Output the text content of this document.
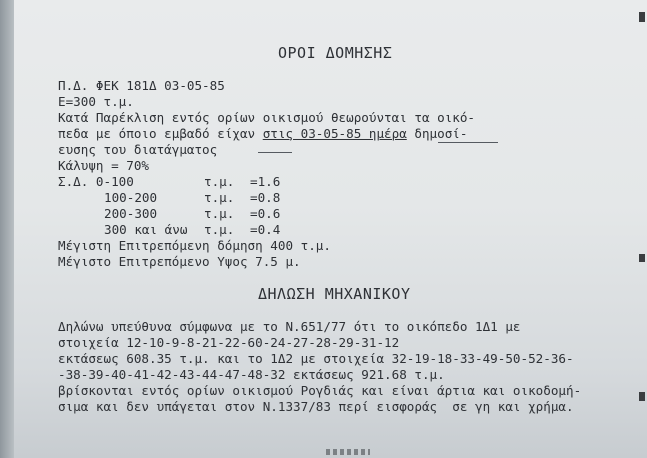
ΟΡΟΙ ΔΟΜΗΣΗΣ
Π.Δ. ΦΕΚ 181Δ 03-05-85
Ε=300 τ.μ.
Κατά Παρέκλιση εντός ορίων οικισμού θεωρούνται τα οικό-
πεδα με όποιο εμβαδό είχαν στις 03-05-85 ημέρα δημοσί-
ευσης του διατάγματος
Κάλυψη = 70%
Σ.Δ. 0-100	τ.μ. =1.6
100-200	τ.μ. =0.8
200-300	τ.μ. =0.6
300 και άνω τ.μ. =0.4
Μέγιστη Επιτρεπόμενη δόμηση 400 τ.μ.
Μέγιστο Επιτρεπόμενο Υψος 7.5 μ.
ΔΗΛΩΣΗ ΜΗΧΑΝΙΚΟΥ
Δηλώνω υπεύθυνα σύμφωνα με το Ν.651/77 ότι το οικόπεδο 1Δ1 με
στοιχεία 12-10-9-8-21-22-60-24-27-28-29-31-12
εκτάσεως 608.35 τ.μ. και το 1Δ2 με στοιχεία 32-19-18-33-49-50-52-36-
-38-39-40-41-42-43-44-47-48-32 εκτάσεως 921.68 τ.μ.
βρίσκονται εντός ορίων οικισμού Ρογδιάς και είναι άρτια και οικοδομή-
σιμα και δεν υπάγεται στον Ν.1337/83 περί εισφοράς  σε γη και χρήμα.
